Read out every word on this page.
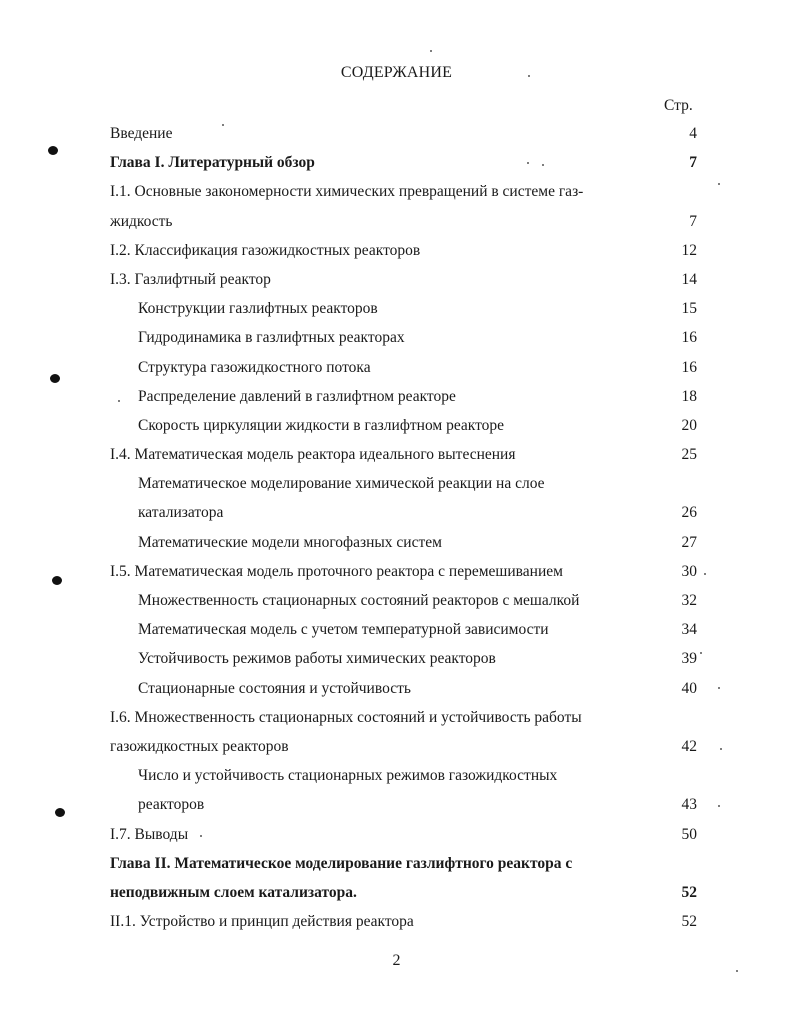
СОДЕРЖАНИЕ
Стр.
Введение	4
Глава I. Литературный обзор	7
I.1. Основные закономерности химических превращений в системе газ-
жидкость	7
I.2. Классификация газожидкостных реакторов	12
I.3. Газлифтный реактор	14
Конструкции газлифтных реакторов	15
Гидродинамика в газлифтных реакторах	16
Структура газожидкостного потока	16
Распределение давлений в газлифтном реакторе	18
Скорость циркуляции жидкости в газлифтном реакторе	20
I.4. Математическая модель реактора идеального вытеснения	25
Математическое моделирование химической реакции на слое
катализатора	26
Математические модели многофазных систем	27
I.5. Математическая модель проточного реактора с перемешиванием	30
Множественность стационарных состояний реакторов с мешалкой	32
Математическая модель с учетом температурной зависимости	34
Устойчивость режимов работы химических реакторов	39
Стационарные состояния и устойчивость	40
I.6. Множественность стационарных состояний и устойчивость работы
газожидкостных реакторов	42
Число и устойчивость стационарных режимов газожидкостных
реакторов	43
I.7. Выводы	50
Глава II. Математическое моделирование газлифтного реактора с
неподвижным слоем катализатора.	52
II.1. Устройство и принцип действия реактора	52
2
